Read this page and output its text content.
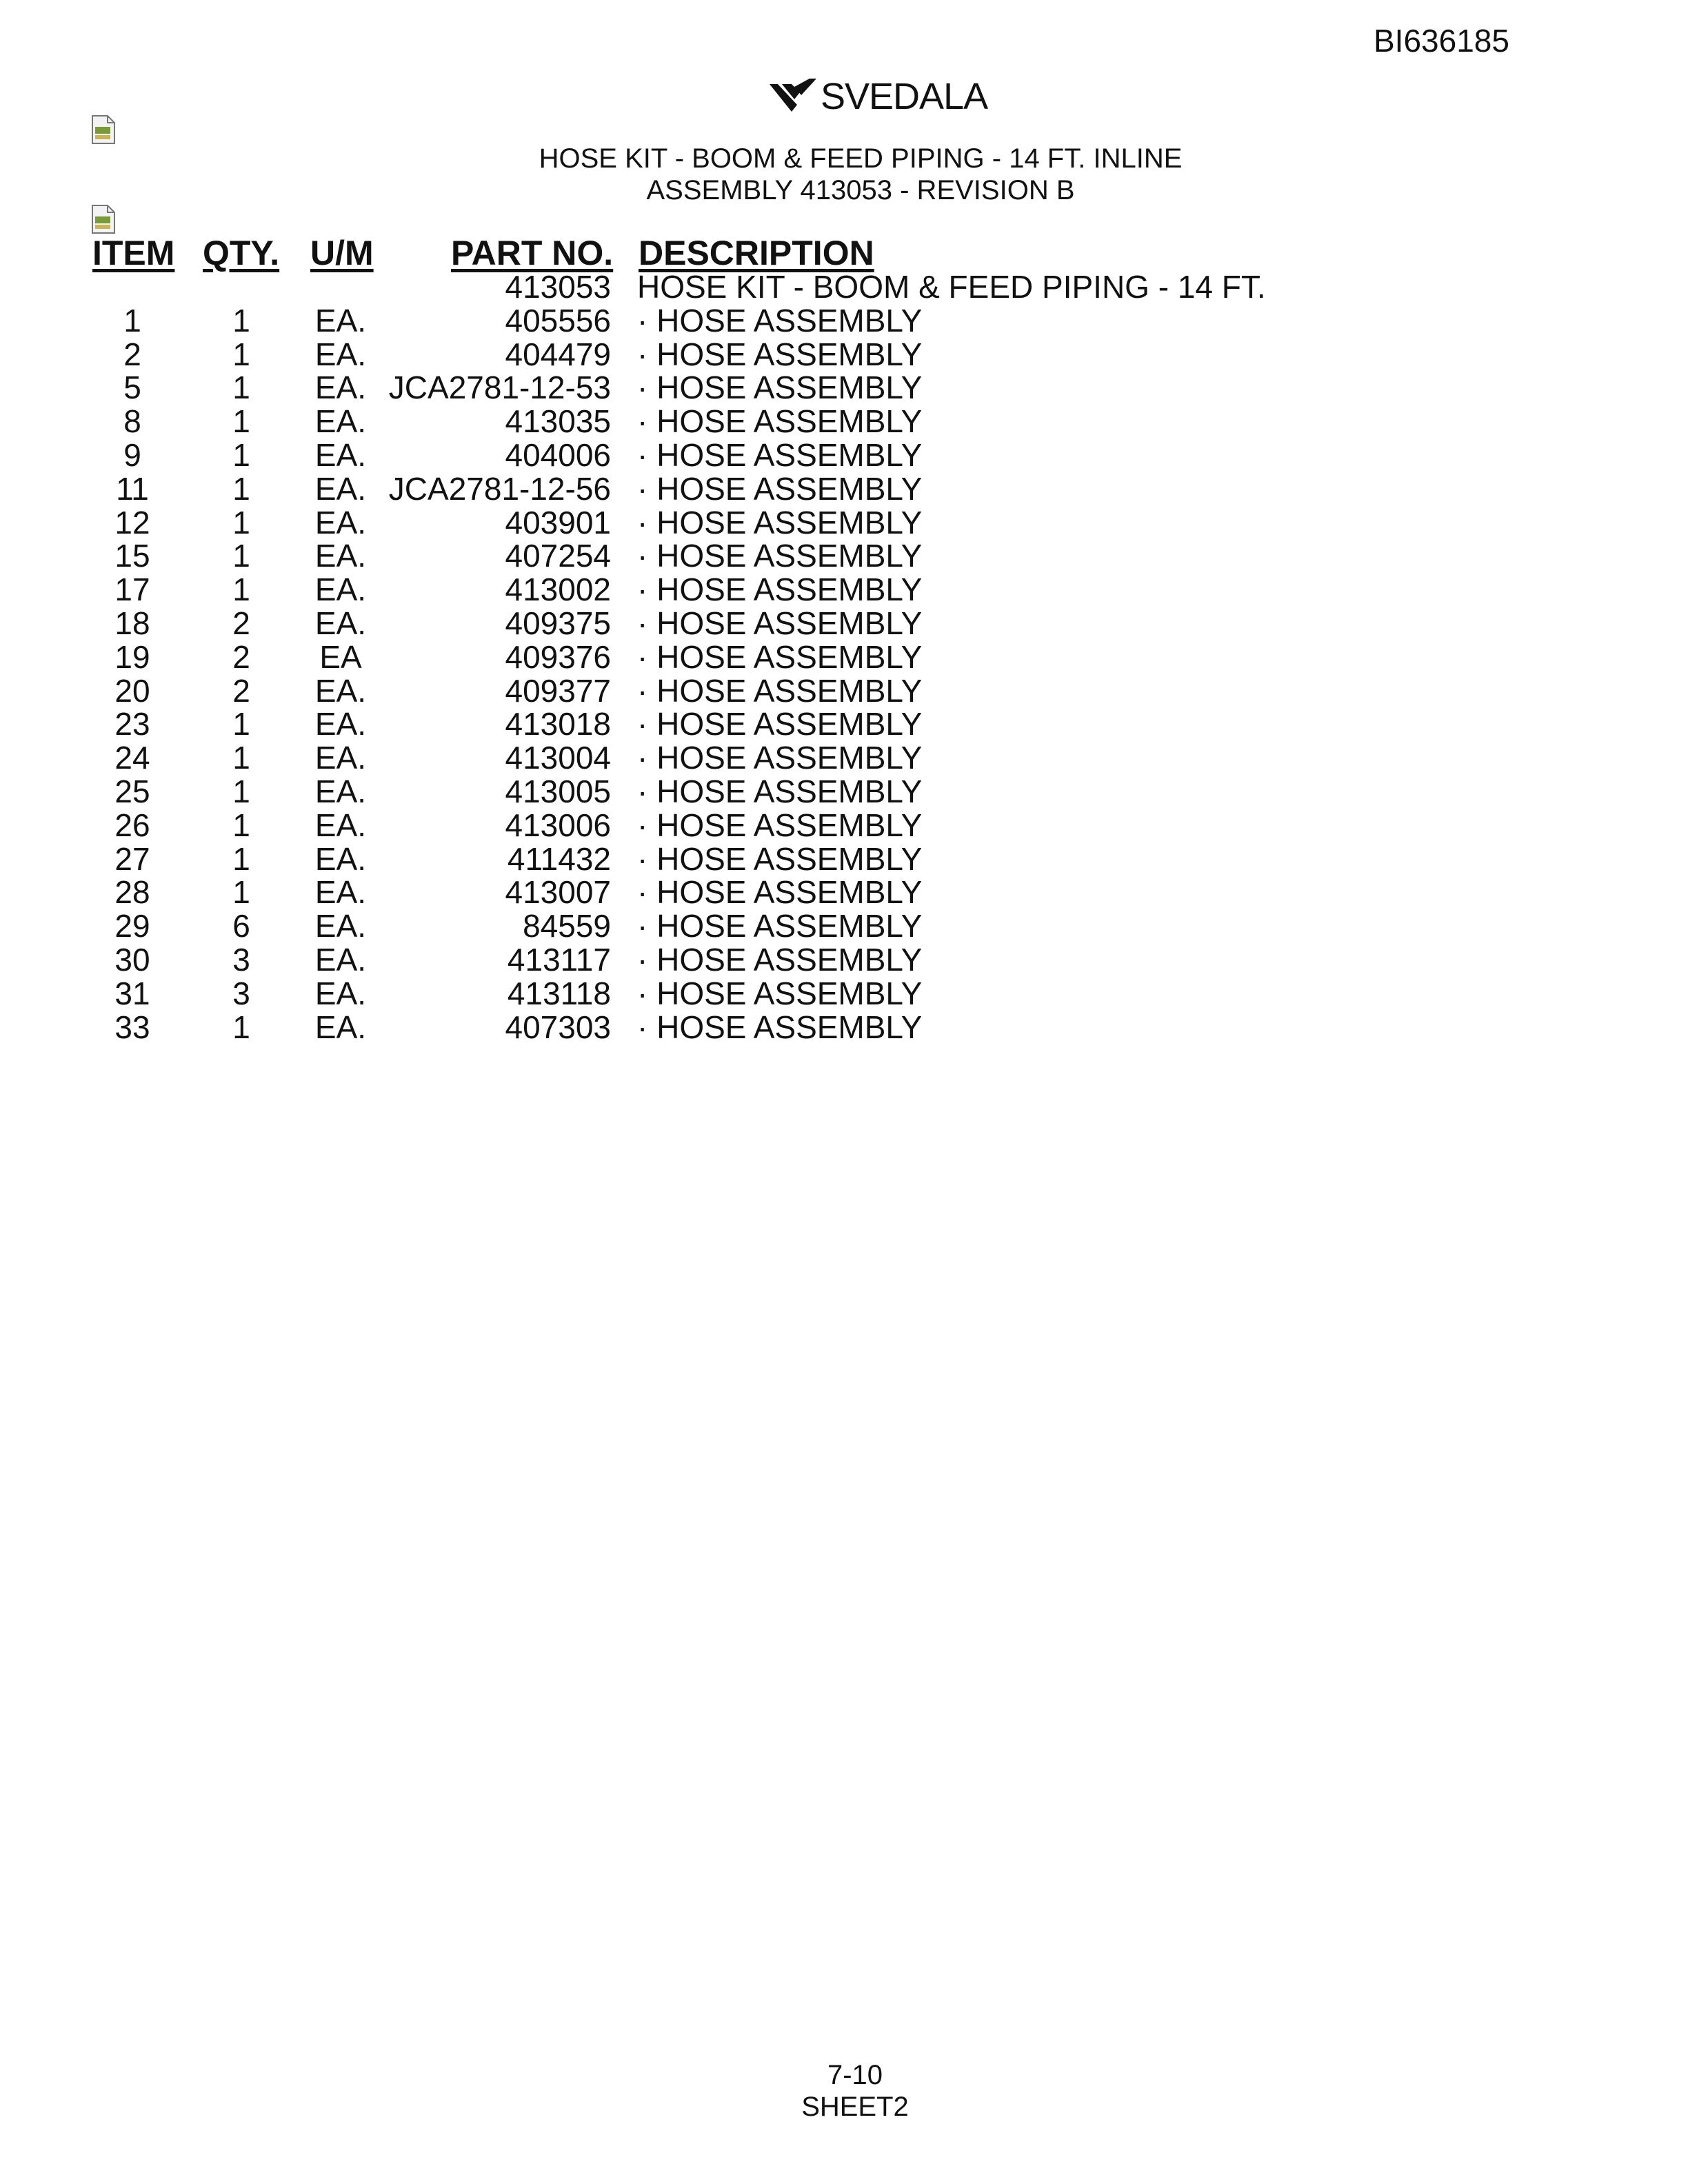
BI636185
SVEDALA
HOSE KIT - BOOM & FEED PIPING - 14 FT. INLINE
ASSEMBLY 413053 - REVISION B
ITEM QTY. U/M PART NO. DESCRIPTION
413053 HOSE KIT - BOOM & FEED PIPING - 14 FT.
1	1	EA.	405556 · HOSE ASSEMBLY
2	1	EA.	404479 · HOSE ASSEMBLY
5	1	EA. JCA2781-12-53 · HOSE ASSEMBLY
8	1	EA.	413035 · HOSE ASSEMBLY
9	1	EA.	404006 · HOSE ASSEMBLY
11	1	EA. JCA2781-12-56 · HOSE ASSEMBLY
12	1	EA.	403901 · HOSE ASSEMBLY
15	1	EA.	407254 · HOSE ASSEMBLY
17	1	EA.	413002 · HOSE ASSEMBLY
18	2	EA.	409375 · HOSE ASSEMBLY
19	2	EA	409376 · HOSE ASSEMBLY
20	2	EA.	409377 · HOSE ASSEMBLY
23	1	EA.	413018 · HOSE ASSEMBLY
24	1	EA.	413004 · HOSE ASSEMBLY
25	1	EA.	413005 · HOSE ASSEMBLY
26	1	EA.	413006 · HOSE ASSEMBLY
27	1	EA.	411432 · HOSE ASSEMBLY
28	1	EA.	413007 · HOSE ASSEMBLY
29	6	EA.	84559 · HOSE ASSEMBLY
30	3	EA.	413117 · HOSE ASSEMBLY
31	3	EA.	413118 · HOSE ASSEMBLY
33	1	EA.	407303 · HOSE ASSEMBLY
7-10
SHEET2
